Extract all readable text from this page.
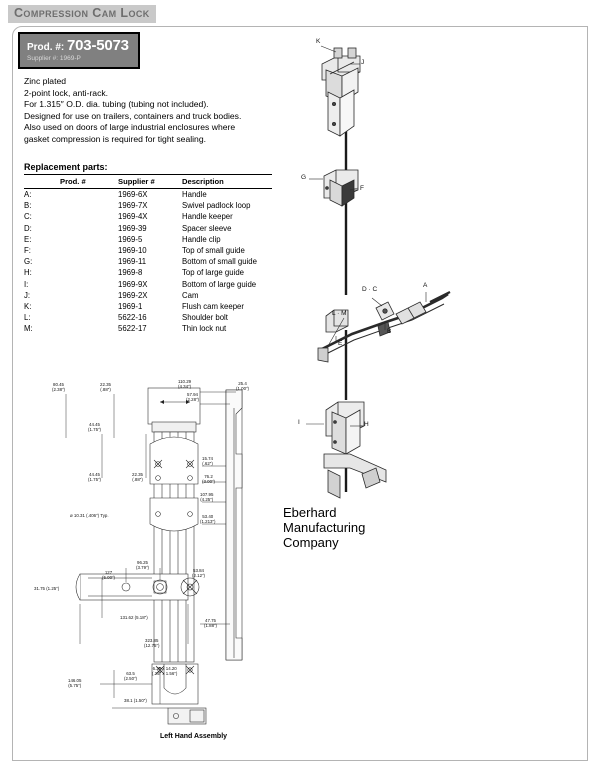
Compression Cam Lock
Prod. #: 703-5073
Supplier #: 1969-P
Zinc plated
2-point lock, anti-rack.
For 1.315″ O.D. dia. tubing (tubing not included).
Designed for use on trailers, containers and truck bodies.
Also used on doors of large industrial enclosures where
gasket compression is required for tight sealing.
Replacement parts:
	Prod. #	Supplier #	Description
A:		1969-6X	Handle
B:		1969-7X	Swivel padlock loop
C:		1969-4X	Handle keeper
D:		1969-39	Spacer sleeve
E:		1969-5	Handle clip
F:		1969-10	Top of small guide
G:		1969-11	Bottom of small guide
H:		1969-8	Top of large guide
I:		1969-9X	Bottom of large guide
J:		1969-2X	Cam
K:		1969-1	Flush cam keeper
L:		5622-16	Shoulder bolt
M:		5622-17	Thin lock nut
K
J
G
F
D · C
A
L · M
B
E
I	H
Eberhard
Manufacturing
Company
80.45
(2.38″)
22.35
(.88″)
110.29
(4.34″)
57.94
(2.28″)
25.4
(1.00″)
44.45
(1.75″)
15.74
(.62″)
76.2
(3.00″)
44.45
(1.75″)
22.35
(.88″)
107.95
(4.25″)
53.40
(1.213″)
96.25
(3.79″)
127
(5.00″)
53.84
(2.12″)
131.62 (5.18″)
323.85
(12.75″)
47.75
(1.88″)
63.5
(2.50″)
146.05
(5.75″)
38.1 (1.50″)
ø 10.31 (.406″) Typ.
6.35 x 14.20
(.25″ x 1.56″)
31.75 (1.25″)
Left Hand Assembly
